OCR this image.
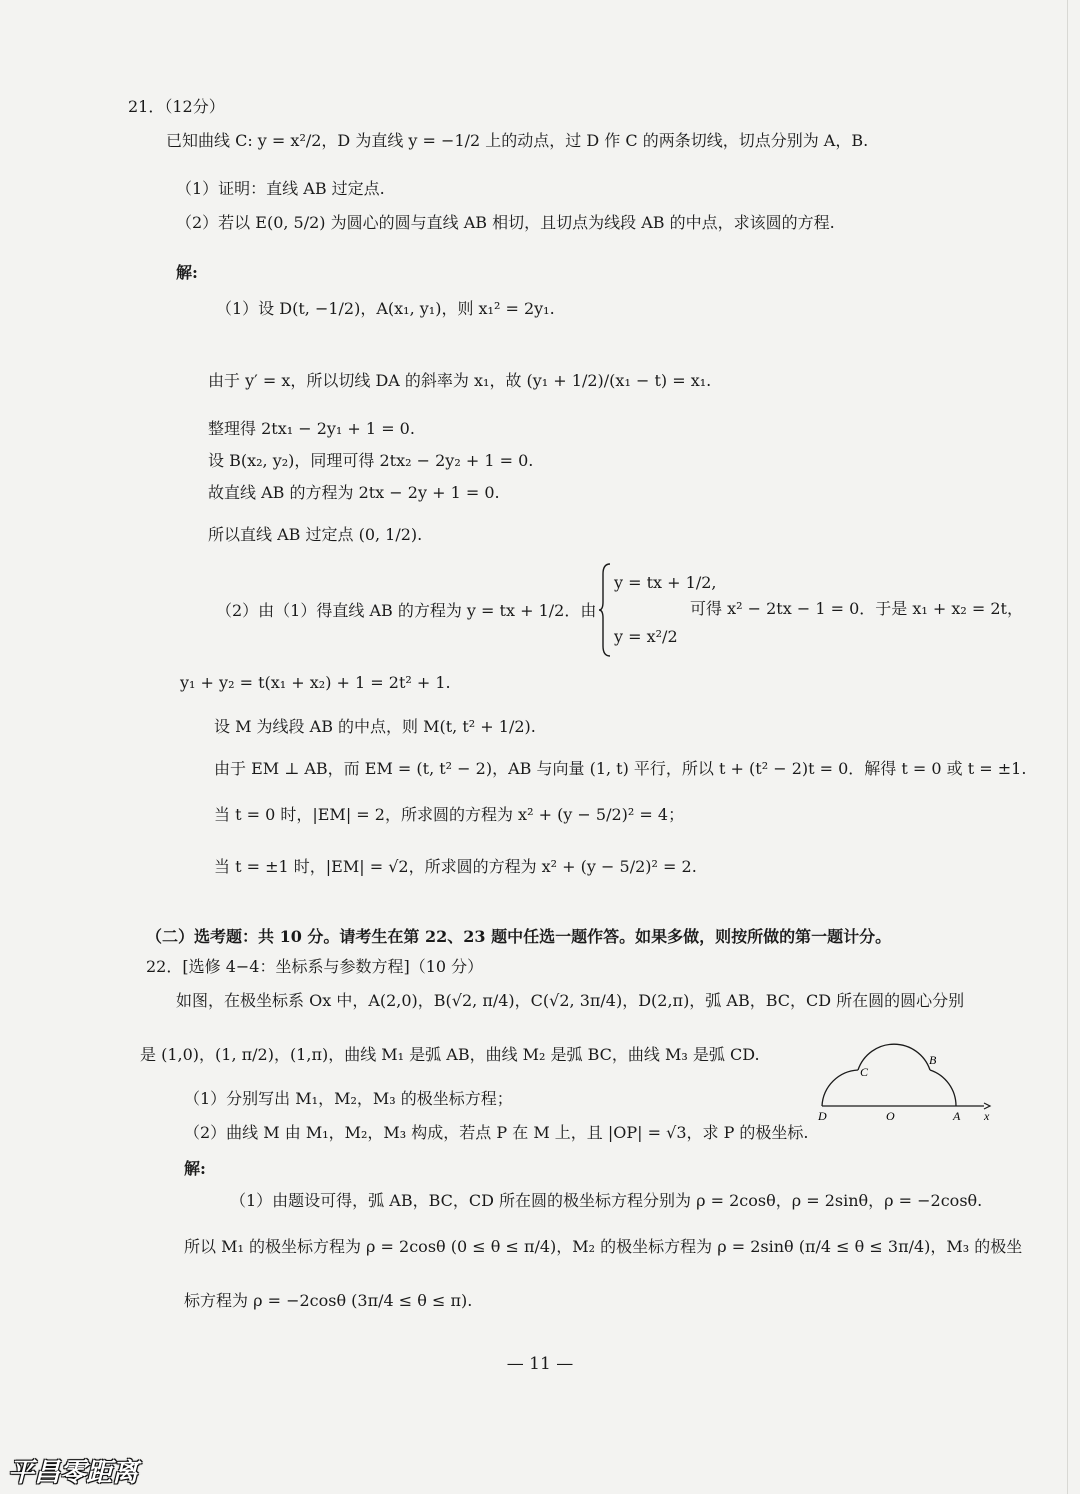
21．（12分）
已知曲线 C: y = x²/2，D 为直线 y = −1/2 上的动点，过 D 作 C 的两条切线，切点分别为 A，B.
（1）证明：直线 AB 过定点.
（2）若以 E(0, 5/2) 为圆心的圆与直线 AB 相切，且切点为线段 AB 的中点，求该圆的方程.
解:
（1）设 D(t, −1/2)，A(x₁, y₁)，则 x₁² = 2y₁.
由于 y′ = x，所以切线 DA 的斜率为 x₁，故 (y₁ + 1/2)/(x₁ − t) = x₁.
整理得 2tx₁ − 2y₁ + 1 = 0.
设 B(x₂, y₂)，同理可得 2tx₂ − 2y₂ + 1 = 0.
故直线 AB 的方程为 2tx − 2y + 1 = 0.
所以直线 AB 过定点 (0, 1/2).
（2）由（1）得直线 AB 的方程为 y = tx + 1/2．由
y = tx + 1/2,
y = x²/2
可得 x² − 2tx − 1 = 0．于是 x₁ + x₂ = 2t，
y₁ + y₂ = t(x₁ + x₂) + 1 = 2t² + 1.
设 M 为线段 AB 的中点，则 M(t, t² + 1/2).
由于 EM ⊥ AB，而 EM = (t, t² − 2)，AB 与向量 (1, t) 平行，所以 t + (t² − 2)t = 0．解得 t = 0 或 t = ±1.
当 t = 0 时，|EM| = 2，所求圆的方程为 x² + (y − 5/2)² = 4；
当 t = ±1 时，|EM| = √2，所求圆的方程为 x² + (y − 5/2)² = 2.
（二）选考题：共 10 分。请考生在第 22、23 题中任选一题作答。如果多做，则按所做的第一题计分。
22．[选修 4−4：坐标系与参数方程]（10 分）
如图，在极坐标系 Ox 中，A(2,0)，B(√2, π/4)，C(√2, 3π/4)，D(2,π)，弧 AB，BC，CD 所在圆的圆心分别
是 (1,0)，(1, π/2)，(1,π)，曲线 M₁ 是弧 AB，曲线 M₂ 是弧 BC，曲线 M₃ 是弧 CD.
（1）分别写出 M₁，M₂，M₃ 的极坐标方程；
（2）曲线 M 由 M₁，M₂，M₃ 构成，若点 P 在 M 上，且 |OP| = √3，求 P 的极坐标.
解:
（1）由题设可得，弧 AB，BC，CD 所在圆的极坐标方程分别为 ρ = 2cosθ，ρ = 2sinθ，ρ = −2cosθ.
所以 M₁ 的极坐标方程为 ρ = 2cosθ (0 ≤ θ ≤ π/4)，M₂ 的极坐标方程为 ρ = 2sinθ (π/4 ≤ θ ≤ 3π/4)，M₃ 的极坐
标方程为 ρ = −2cosθ (3π/4 ≤ θ ≤ π).
C
B
D	O	A x
— 11 —
平昌零距离
